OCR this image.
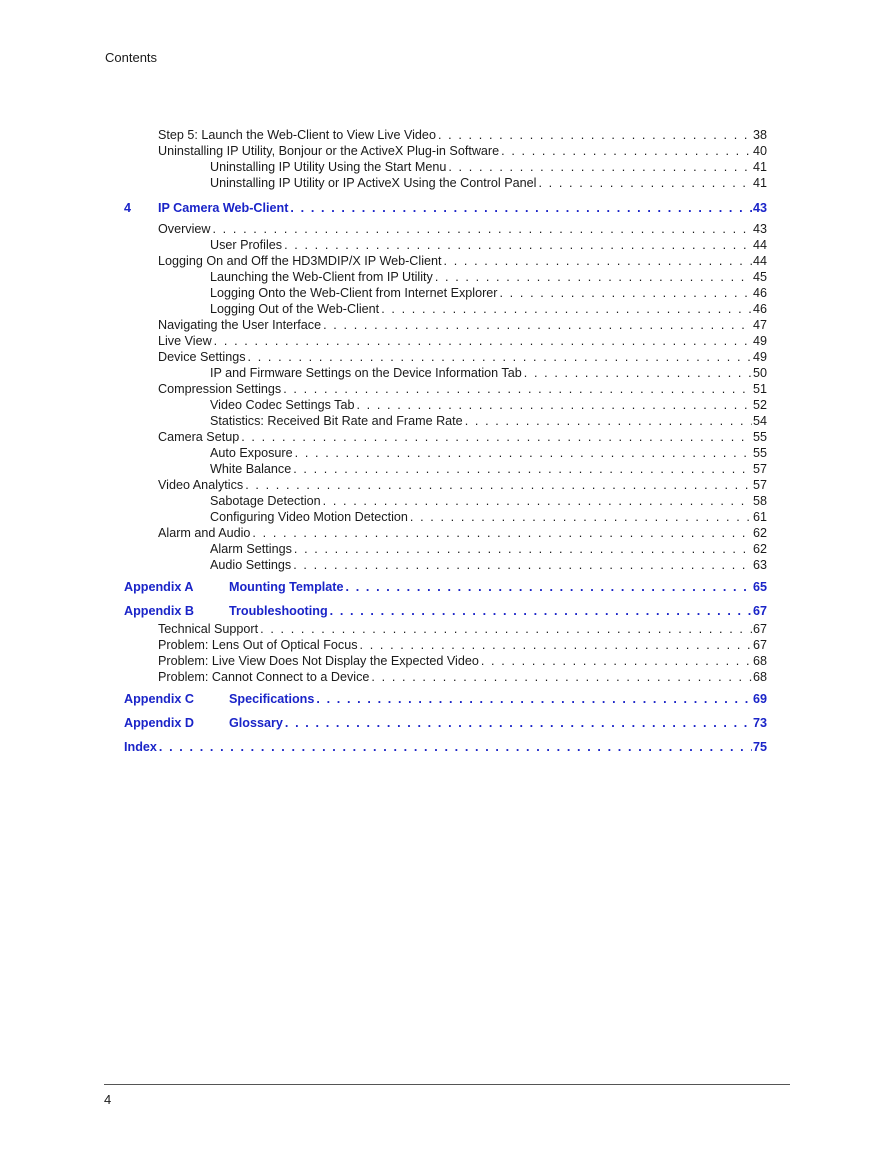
Contents
Step 5: Launch the Web-Client to View Live Video . . .	38
Uninstalling IP Utility, Bonjour or the ActiveX Plug-in Software . . .	40
Uninstalling IP Utility Using the Start Menu . . .	41
Uninstalling IP Utility or IP ActiveX Using the Control Panel . . .	41
4 IP Camera Web-Client . . .	43
Overview . . .	43
User Profiles . . .	44
Logging On and Off the HD3MDIP/X IP Web-Client . . .	44
Launching the Web-Client from IP Utility . . .	45
Logging Onto the Web-Client from Internet Explorer . . .	46
Logging Out of the Web-Client . . .	46
Navigating the User Interface . . .	47
Live View . . .	49
Device Settings . . .	49
IP and Firmware Settings on the Device Information Tab . . .	50
Compression Settings . . .	51
Video Codec Settings Tab . . .	52
Statistics: Received Bit Rate and Frame Rate . . .	54
Camera Setup . . .	55
Auto Exposure . . .	55
White Balance . . .	57
Video Analytics . . .	57
Sabotage Detection . . .	58
Configuring Video Motion Detection . . .	61
Alarm and Audio . . .	62
Alarm Settings . . .	62
Audio Settings . . .	63
Appendix A	Mounting Template . . .	65
Appendix B	Troubleshooting . . .	67
Technical Support . . .	67
Problem: Lens Out of Optical Focus . . .	67
Problem: Live View Does Not Display the Expected Video . . .	68
Problem: Cannot Connect to a Device . . .	68
Appendix C	Specifications . . .	69
Appendix D	Glossary . . .	73
Index . . .	75
4
